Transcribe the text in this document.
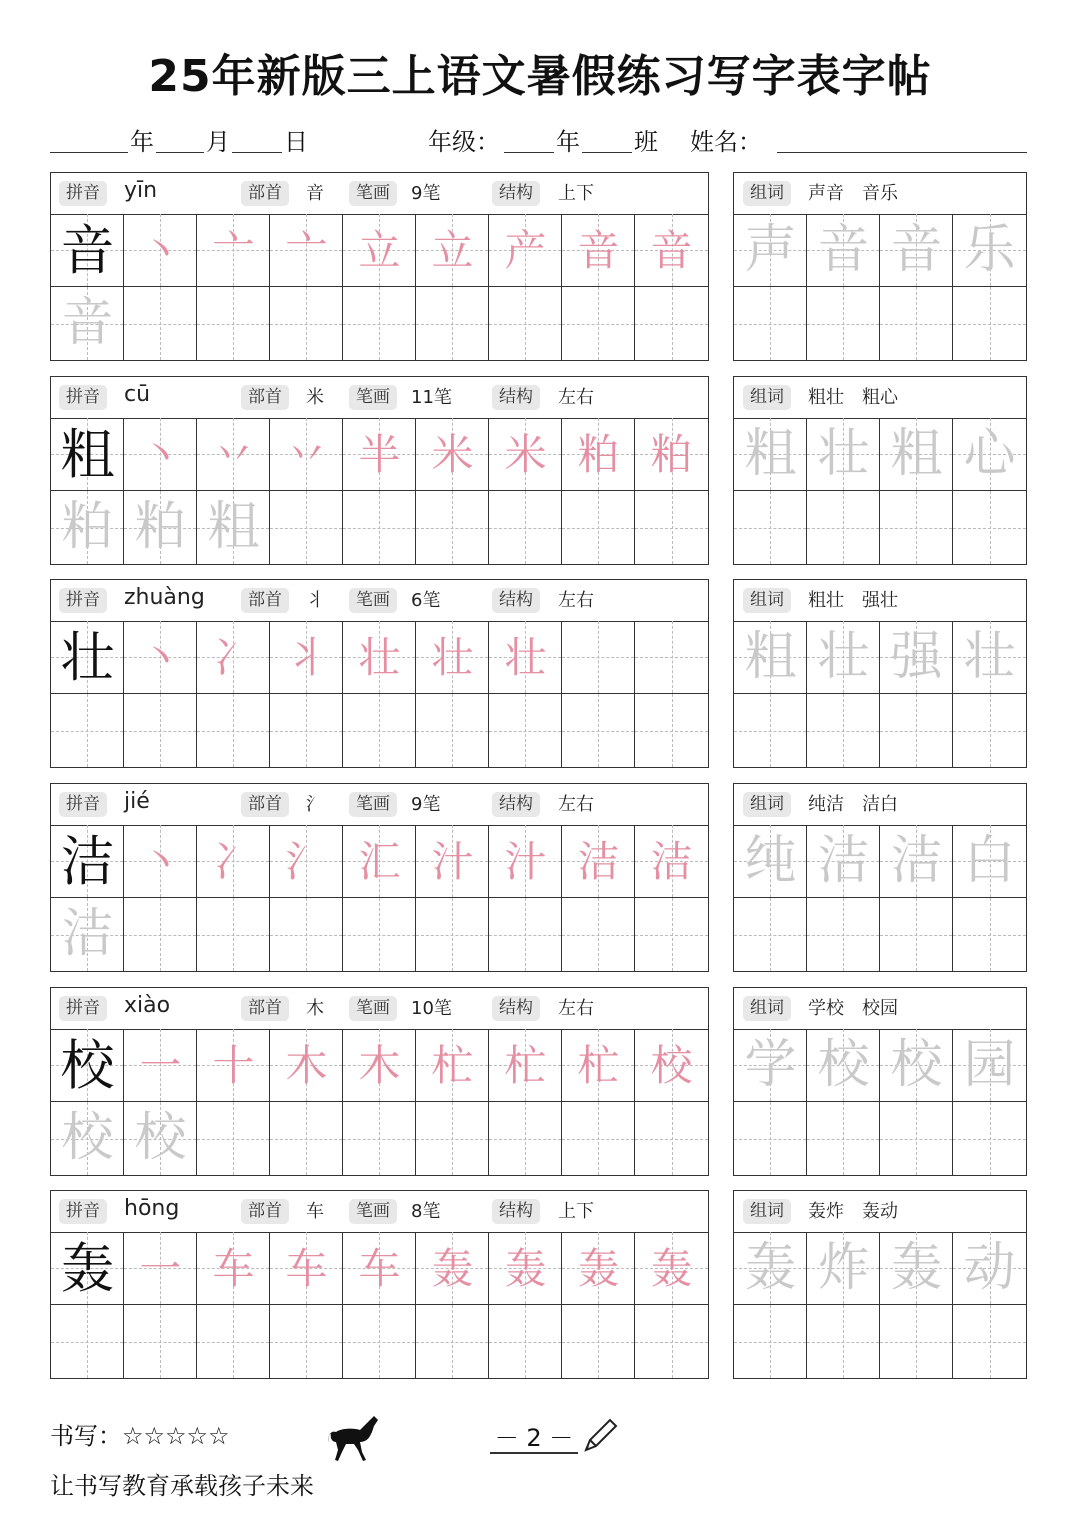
25年新版三上语文暑假练习写字表字帖
年 月 日	年级： 年 班 姓名：
拼音	yīn	部首	音	笔画	9笔	结构	上下
音 丶 亠 亠 立 立 产 音 音
音
组词	声音　音乐
声 音 音 乐
拼音	cū	部首	米	笔画	11笔	结构	左右
粗 丶 丷 丷 半 米 米 粕 粕
粕 粕 粗
组词	粗壮　粗心
粗 壮 粗 心
拼音	zhuàng	部首	丬	笔画	6笔	结构	左右
壮 丶 冫 丬 壮 壮 壮
组词	粗壮　强壮
粗 壮 强 壮
拼音	jié	部首	氵	笔画	9笔	结构	左右
洁 丶 冫 氵 汇 汁 汁 洁 洁
洁
组词	纯洁　洁白
纯 洁 洁 白
拼音	xiào	部首	木	笔画	10笔	结构	左右
校 一 十 木 木 杧 杧 杧 校
校 校
组词	学校　校园
学 校 校 园
拼音	hōng	部首	车	笔画	8笔	结构	上下
轰 一 车 车 车 轰 轰 轰 轰
组词	轰炸　轰动
轰 炸 轰 动
书写：☆☆☆☆☆	－ 2 －
让书写教育承载孩子未来
